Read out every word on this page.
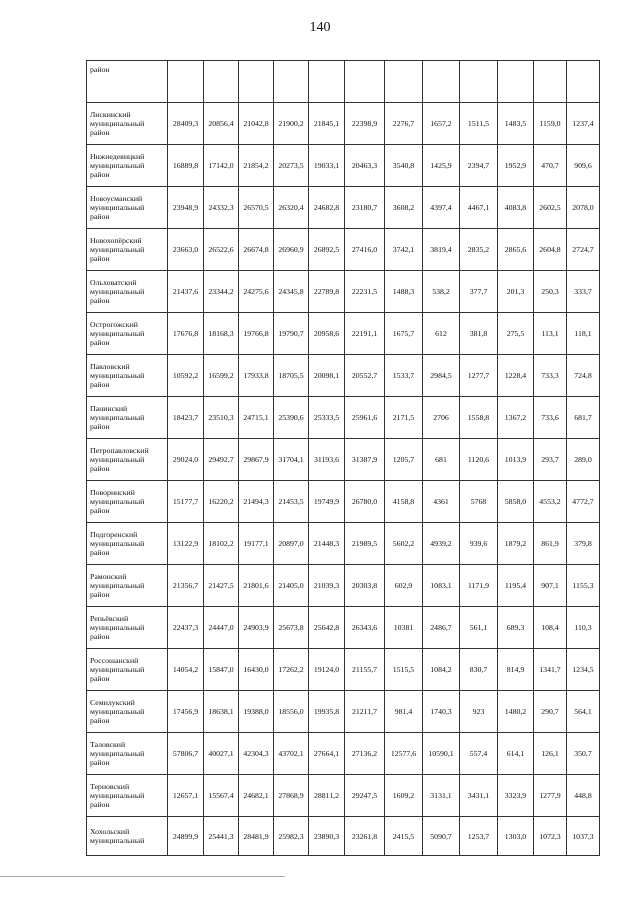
140
район												
Лискинский муниципальный район	28409,3	20856,4	21042,8	21900,2	21845,1	22398,9	2276,7	1657,2	1511,5	1483,5	1159,0	1237,4
Нижнедевицкий муниципальный район	16889,8	17142,0	21854,2	20273,5	19033,1	20463,3	3540,8	1425,9	2394,7	1952,9	470,7	909,6
Новоусманский муниципальный район	23948,9	24332,3	26570,5	26320,4	24682,8	23180,7	3608,2	4397,4	4467,1	4083,8	2602,5	2078,0
Новохопёрский муниципальный район	23663,0	26522,6	26674,8	26960,9	26892,5	27416,0	3742,1	3819,4	2835,2	2865,6	2604,8	2724,7
Ольховатский муниципальный район	21437,6	23344,2	24275,6	24345,8	22789,8	22231,5	1488,3	538,2	377,7	201,3	250,3	333,7
Острогожский муниципальный район	17676,8	18168,3	19766,8	19790,7	20958,6	22191,1	1675,7	612	381,8	275,5	113,1	118,1
Павловский муниципальный район	10592,2	16599,2	17933,8	18705,5	20098,1	20552,7	1533,7	2984,5	1277,7	1228,4	733,3	724,8
Панинский муниципальный район	18423,7	23510,3	24715,1	25390,6	25333,5	25961,6	2171,5	2706	1558,8	1367,2	733,6	681,7
Петропавловский муниципальный район	29024,0	29492,7	29867,9	31704,1	31193,6	31387,9	1205,7	681	1120,6	1013,9	293,7	289,0
Поворинский муниципальный район	15177,7	16220,2	21494,3	21453,5	19749,9	26780,0	4158,8	4361	5768	5858,0	4553,2	4772,7
Подгоренский муниципальный район	13122,9	18102,2	19177,1	20897,0	21448,3	21989,5	5602,2	4939,2	939,6	1879,2	861,9	379,8
Рамонский муниципальный район	21356,7	21427,5	21801,6	21405,0	21039,3	20303,8	602,9	1083,1	1171,9	1195,4	907,1	1155,3
Репьёвский муниципальный район	22437,3	24447,0	24903,9	25673,8	25642,8	26343,6	10381	2486,7	561,1	689,3	108,4	110,3
Россошанский муниципальный район	14054,2	15847,0	16430,0	17262,2	19124,0	21155,7	1515,5	1084,2	830,7	814,9	1341,7	1234,5
Семилукский муниципальный район	17456,9	18638,1	19388,0	18556,0	19935,8	21211,7	981,4	1740,3	923	1480,2	290,7	564,1
Таловский муниципальный район	57806,7	40027,1	42304,3	43702,1	27664,1	27136,2	12577,6	10590,1	557,4	614,1	126,1	350,7
Терновский муниципальный район	12657,1	15567,4	24682,1	27868,9	28811,2	29247,5	1609,2	3131,1	3431,1	3323,9	1277,9	448,8
Хохольский муниципальный	24899,9	25441,3	28481,9	25982,3	23890,3	23261,8	2415,5	5090,7	1253,7	1303,0	1072,3	1037,3
